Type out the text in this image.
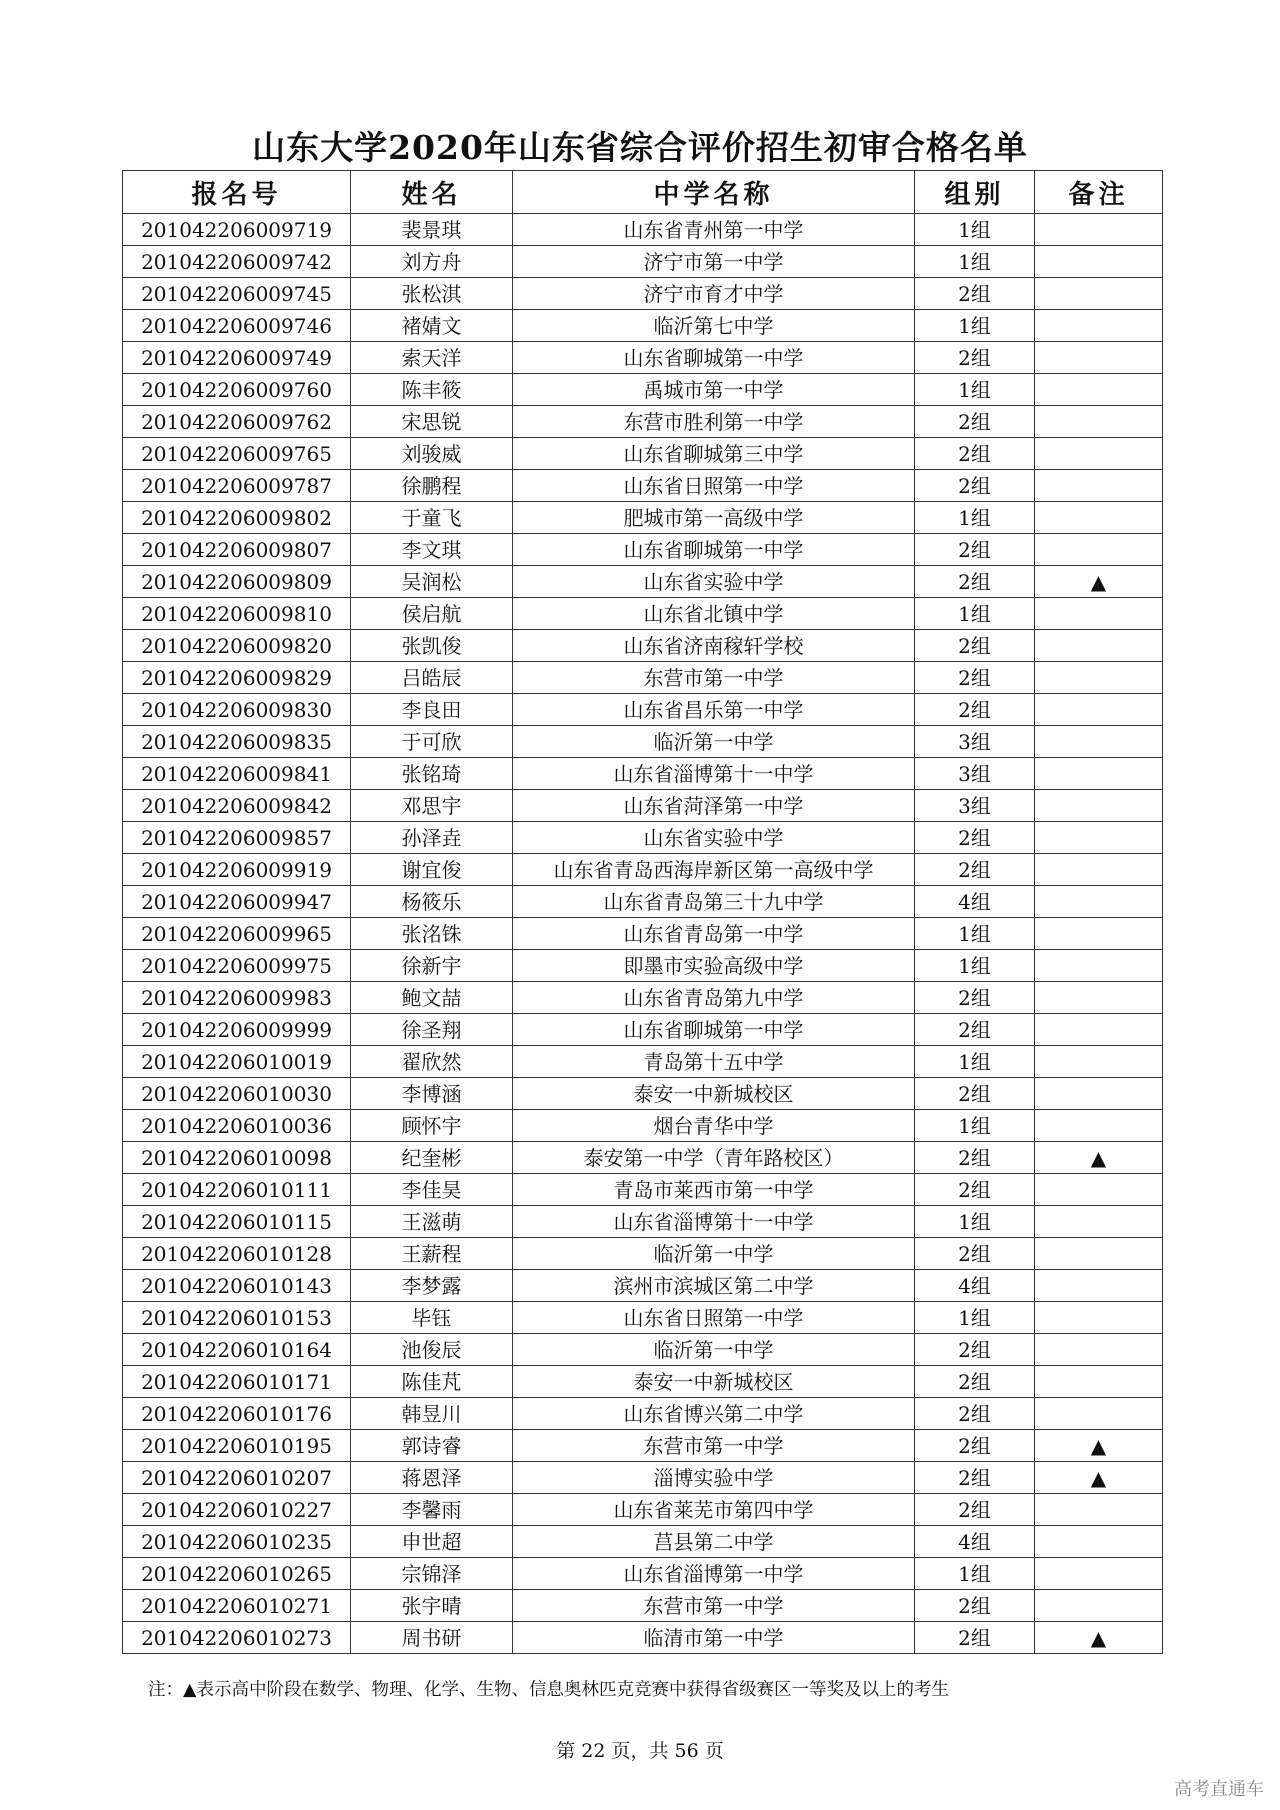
山东大学2020年山东省综合评价招生初审合格名单
报名号	姓名	中学名称	组别	备注
201042206009719	裴景琪	山东省青州第一中学	1组	
201042206009742	刘方舟	济宁市第一中学	1组	
201042206009745	张松淇	济宁市育才中学	2组	
201042206009746	褚婧文	临沂第七中学	1组	
201042206009749	索天洋	山东省聊城第一中学	2组	
201042206009760	陈丰筱	禹城市第一中学	1组	
201042206009762	宋思锐	东营市胜利第一中学	2组	
201042206009765	刘骏威	山东省聊城第三中学	2组	
201042206009787	徐鹏程	山东省日照第一中学	2组	
201042206009802	于童飞	肥城市第一高级中学	1组	
201042206009807	李文琪	山东省聊城第一中学	2组	
201042206009809	吴润松	山东省实验中学	2组	▲
201042206009810	侯启航	山东省北镇中学	1组	
201042206009820	张凯俊	山东省济南稼轩学校	2组	
201042206009829	吕皓辰	东营市第一中学	2组	
201042206009830	李良田	山东省昌乐第一中学	2组	
201042206009835	于可欣	临沂第一中学	3组	
201042206009841	张铭琦	山东省淄博第十一中学	3组	
201042206009842	邓思宇	山东省菏泽第一中学	3组	
201042206009857	孙泽垚	山东省实验中学	2组	
201042206009919	谢宜俊	山东省青岛西海岸新区第一高级中学	2组	
201042206009947	杨筱乐	山东省青岛第三十九中学	4组	
201042206009965	张洺铢	山东省青岛第一中学	1组	
201042206009975	徐新宇	即墨市实验高级中学	1组	
201042206009983	鲍文喆	山东省青岛第九中学	2组	
201042206009999	徐圣翔	山东省聊城第一中学	2组	
201042206010019	翟欣然	青岛第十五中学	1组	
201042206010030	李博涵	泰安一中新城校区	2组	
201042206010036	顾怀宇	烟台青华中学	1组	
201042206010098	纪奎彬	泰安第一中学（青年路校区）	2组	▲
201042206010111	李佳昊	青岛市莱西市第一中学	2组	
201042206010115	王滋萌	山东省淄博第十一中学	1组	
201042206010128	王薪程	临沂第一中学	2组	
201042206010143	李梦露	滨州市滨城区第二中学	4组	
201042206010153	毕钰	山东省日照第一中学	1组	
201042206010164	池俊辰	临沂第一中学	2组	
201042206010171	陈佳芃	泰安一中新城校区	2组	
201042206010176	韩昱川	山东省博兴第二中学	2组	
201042206010195	郭诗睿	东营市第一中学	2组	▲
201042206010207	蒋恩泽	淄博实验中学	2组	▲
201042206010227	李馨雨	山东省莱芜市第四中学	2组	
201042206010235	申世超	莒县第二中学	4组	
201042206010265	宗锦泽	山东省淄博第一中学	1组	
201042206010271	张宇晴	东营市第一中学	2组	
201042206010273	周书研	临清市第一中学	2组	▲
注：▲表示高中阶段在数学、物理、化学、生物、信息奥林匹克竞赛中获得省级赛区一等奖及以上的考生
第 22 页，共 56 页
高考直通车
